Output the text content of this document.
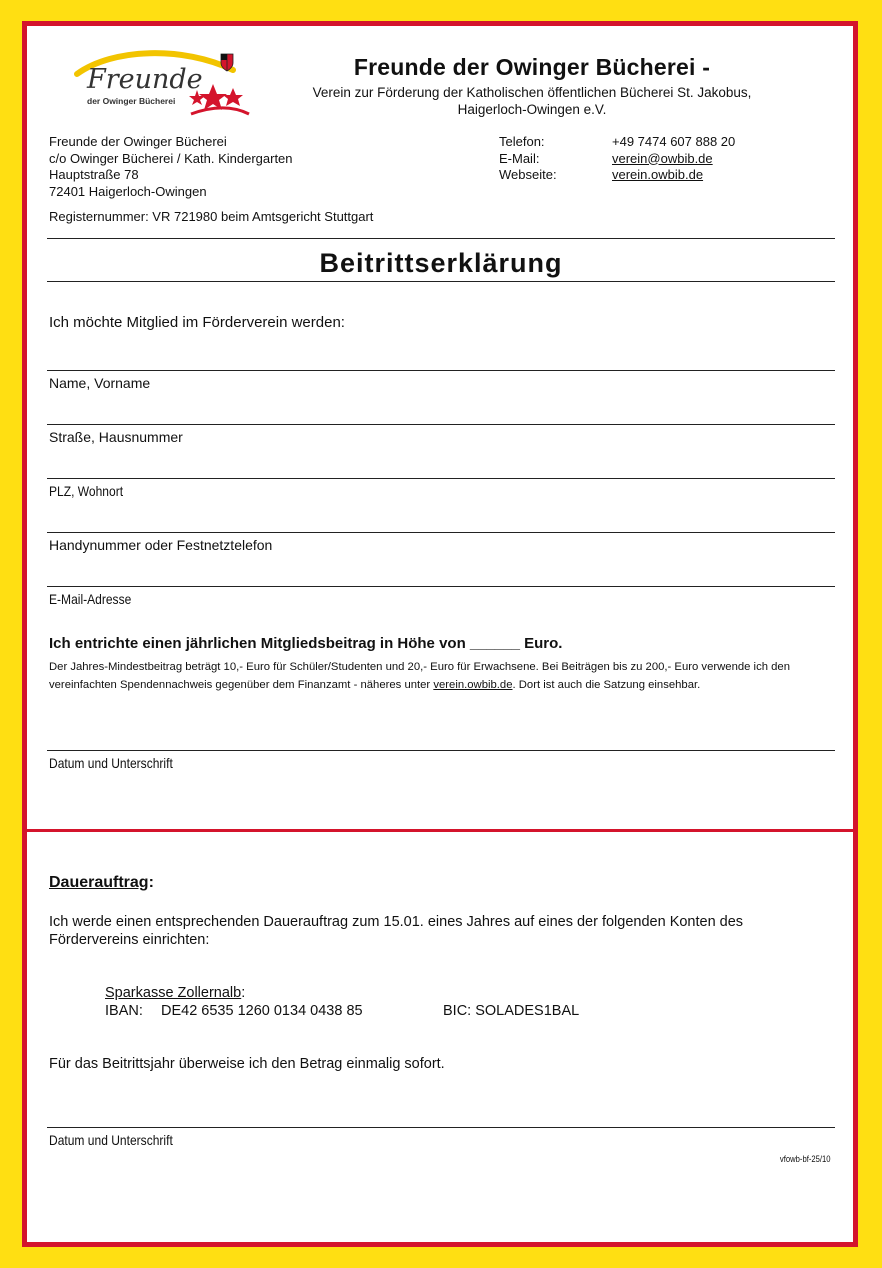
Freunde
der Owinger Bücherei
Freunde der Owinger Bücherei -
Verein zur Förderung der Katholischen öffentlichen Bücherei St. Jakobus,
Haigerloch-Owingen e.V.
Freunde der Owinger Bücherei
c/o Owinger Bücherei / Kath. Kindergarten
Hauptstraße 78
72401 Haigerloch-Owingen
Telefon:	+49 7474 607 888 20
E-Mail:	verein@owbib.de
Webseite:	verein.owbib.de
Registernummer: VR 721980 beim Amtsgericht Stuttgart
Beitrittserklärung
Ich möchte Mitglied im Förderverein werden:
Name, Vorname
Straße, Hausnummer
PLZ, Wohnort
Handynummer oder Festnetztelefon
E-Mail-Adresse
Ich entrichte einen jährlichen Mitgliedsbeitrag in Höhe von ______ Euro.
Der Jahres-Mindestbeitrag beträgt 10,- Euro für Schüler/Studenten und 20,- Euro für Erwachsene. Bei Beiträgen bis zu 200,- Euro verwende ich den vereinfachten Spendennachweis gegenüber dem Finanzamt - näheres unter verein.owbib.de. Dort ist auch die Satzung einsehbar.
Datum und Unterschrift
Dauerauftrag:
Ich werde einen entsprechenden Dauerauftrag zum 15.01. eines Jahres auf eines der folgenden Konten des Fördervereins einrichten:
Sparkasse Zollernalb:
IBAN:	DE42 6535 1260 0134 0438 85	BIC: SOLADES1BAL
Für das Beitrittsjahr überweise ich den Betrag einmalig sofort.
Datum und Unterschrift
vfowb-bf-25/10
